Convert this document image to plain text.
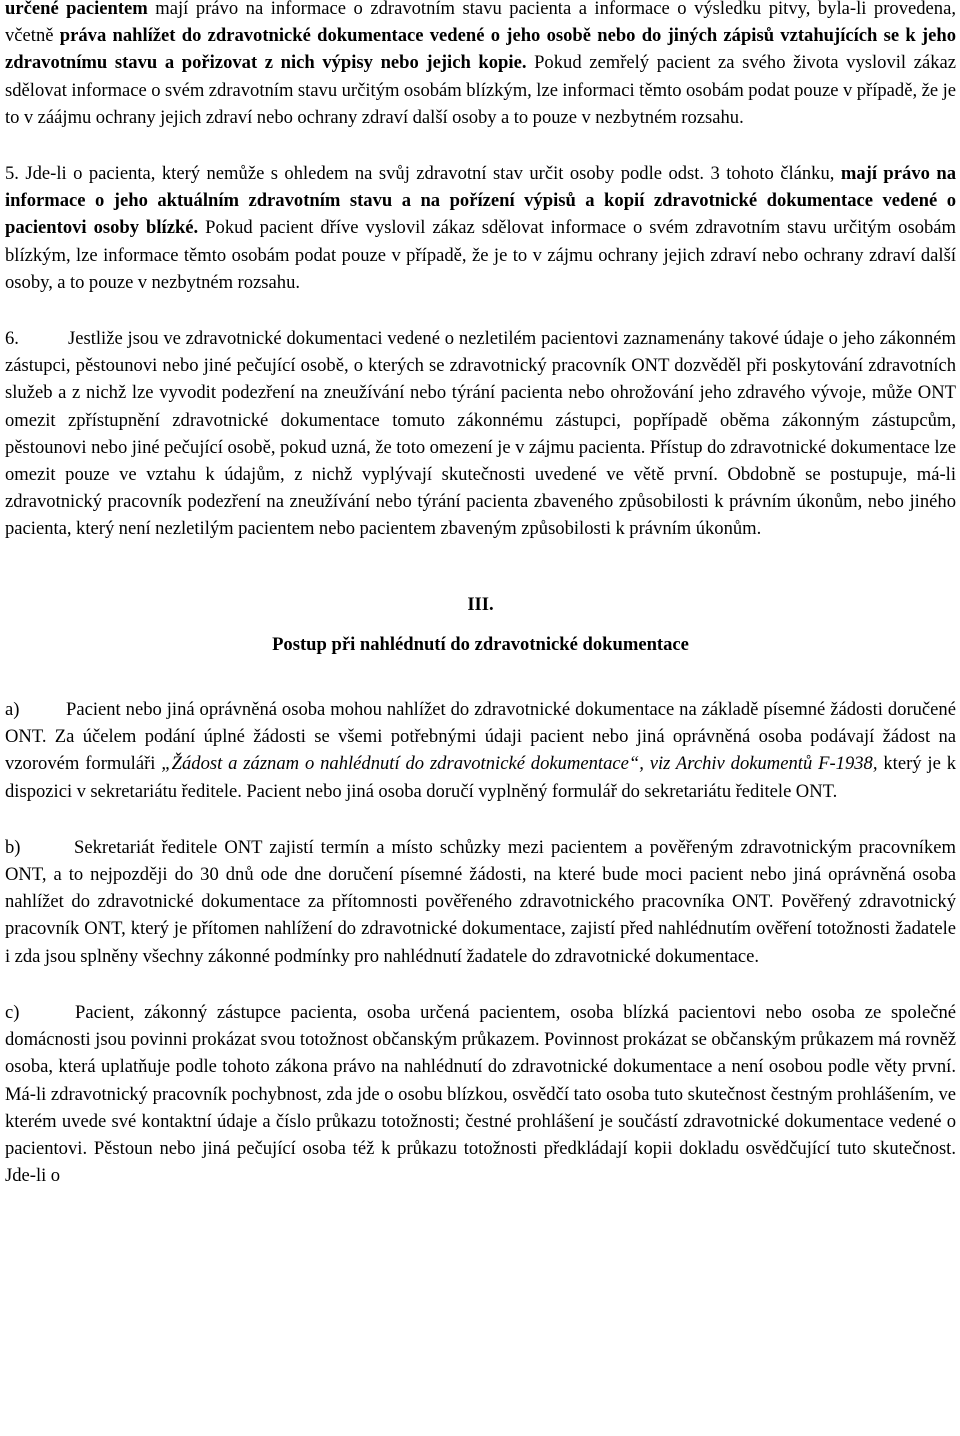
určené pacientem mají právo na informace o zdravotním stavu pacienta a informace o výsledku pitvy, byla-li provedena, včetně práva nahlížet do zdravotnické dokumentace vedené o jeho osobě nebo do jiných zápisů vztahujících se k jeho zdravotnímu stavu a pořizovat z nich výpisy nebo jejich kopie. Pokud zemřelý pacient za svého života vyslovil zákaz sdělovat informace o svém zdravotním stavu určitým osobám blízkým, lze informaci těmto osobám podat pouze v případě, že je to v záájmu ochrany jejich zdraví nebo ochrany zdraví další osoby a to pouze v nezbytném rozsahu.

5. Jde-li o pacienta, který nemůže s ohledem na svůj zdravotní stav určit osoby podle odst. 3 tohoto článku, mají právo na informace o jeho aktuálním zdravotním stavu a na pořízení výpisů a kopií zdravotnické dokumentace vedené o pacientovi osoby blízké. Pokud pacient dříve vyslovil zákaz sdělovat informace o svém zdravotním stavu určitým osobám blízkým, lze informace těmto osobám podat pouze v případě, že je to v zájmu ochrany jejich zdraví nebo ochrany zdraví další osoby, a to pouze v nezbytném rozsahu.

6.	Jestliže jsou ve zdravotnické dokumentaci vedené o nezletilém pacientovi zaznamenány takové údaje o jeho zákonném zástupci, pěstounovi nebo jiné pečující osobě, o kterých se zdravotnický pracovník ONT dozvěděl při poskytování zdravotních služeb a z nichž lze vyvodit podezření na zneužívání nebo týrání pacienta nebo ohrožování jeho zdravého vývoje, může ONT omezit zpřístupnění zdravotnické dokumentace tomuto zákonnému zástupci, popřípadě oběma zákonným zástupcům, pěstounovi nebo jiné pečující osobě, pokud uzná, že toto omezení je v zájmu pacienta. Přístup do zdravotnické dokumentace lze omezit pouze ve vztahu k údajům, z nichž vyplývají skutečnosti uvedené ve větě první. Obdobně se postupuje, má-li zdravotnický pracovník podezření na zneužívání nebo týrání pacienta zbaveného způsobilosti k právním úkonům, nebo jiného pacienta, který není nezletilým pacientem nebo pacientem zbaveným způsobilosti k právním úkonům.

III.
Postup při nahlédnutí do zdravotnické dokumentace

a)	Pacient nebo jiná oprávněná osoba mohou nahlížet do zdravotnické dokumentace na základě písemné žádosti doručené ONT. Za účelem podání úplné žádosti se všemi potřebnými údaji pacient nebo jiná oprávněná osoba podávají žádost na vzorovém formuláři „Žádost a záznam o nahlédnutí do zdravotnické dokumentace“, viz Archiv dokumentů F-1938, který je k dispozici v sekretariátu ředitele. Pacient nebo jiná osoba doručí vyplněný formulář do sekretariátu ředitele ONT.

b)	Sekretariát ředitele ONT zajistí termín a místo schůzky mezi pacientem a pověřeným zdravotnickým pracovníkem ONT, a to nejpozději do 30 dnů ode dne doručení písemné žádosti, na které bude moci pacient nebo jiná oprávněná osoba nahlížet do zdravotnické dokumentace za přítomnosti pověřeného zdravotnického pracovníka ONT. Pověřený zdravotnický pracovník ONT, který je přítomen nahlížení do zdravotnické dokumentace, zajistí před nahlédnutím ověření totožnosti žadatele i zda jsou splněny všechny zákonné podmínky pro nahlédnutí žadatele do zdravotnické dokumentace.

c)	Pacient, zákonný zástupce pacienta, osoba určená pacientem, osoba blízká pacientovi nebo osoba ze společné domácnosti jsou povinni prokázat svou totožnost občanským průkazem. Povinnost prokázat se občanským průkazem má rovněž osoba, která uplatňuje podle tohoto zákona právo na nahlédnutí do zdravotnické dokumentace a není osobou podle věty první. Má-li zdravotnický pracovník pochybnost, zda jde o osobu blízkou, osvědčí tato osoba tuto skutečnost čestným prohlášením, ve kterém uvede své kontaktní údaje a číslo průkazu totožnosti; čestné prohlášení je součástí zdravotnické dokumentace vedené o pacientovi. Pěstoun nebo jiná pečující osoba též k průkazu totožnosti předkládají kopii dokladu osvědčující tuto skutečnost. Jde-li o
